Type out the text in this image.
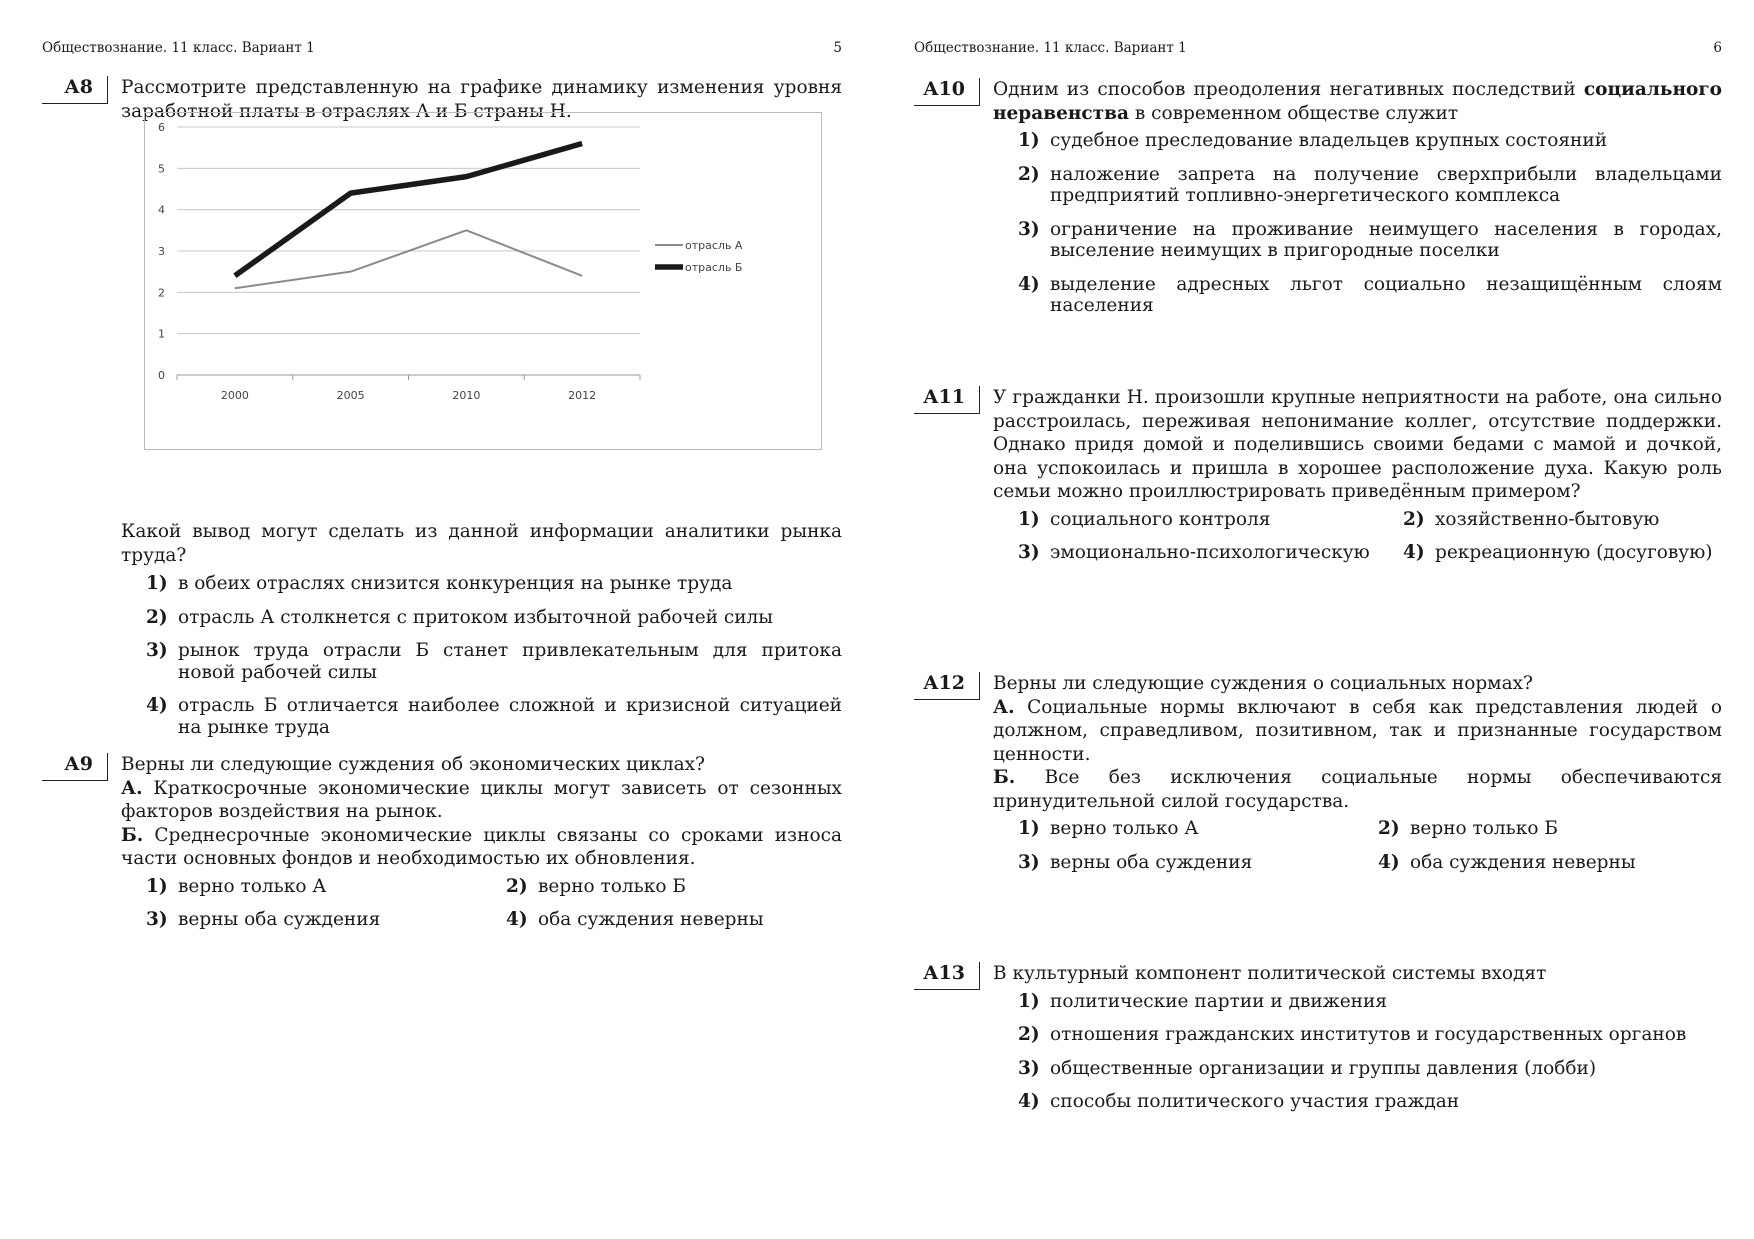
Обществознание. 11 класс. Вариант 1	5
А8	Рассмотрите представленную на графике динамику изменения уровня заработной платы в отраслях А и Б страны Н.

0
1
2
3
4
5
6
2000	2005	2010	2012
отрасль А
отрасль Б

Какой вывод могут сделать из данной информации аналитики рынка труда?

1) в обеих отраслях снизится конкуренция на рынке труда
2) отрасль А столкнется с притоком избыточной рабочей силы
3) рынок труда отрасли Б станет привлекательным для притока новой рабочей силы
4) отрасль Б отличается наиболее сложной и кризисной ситуацией на рынке труда
А9	Верны ли следующие суждения об экономических циклах?

А. Краткосрочные экономические циклы могут зависеть от сезонных факторов воздействия на рынок.

Б. Среднесрочные экономические циклы связаны со сроками износа части основных фондов и необходимостью их обновления.

1) верно только А	2) верно только Б
3) верны оба суждения	4) оба суждения неверны
Обществознание. 11 класс. Вариант 1	6
А10	Одним из способов преодоления негативных последствий социального неравенства в современном обществе служит

1) судебное преследование владельцев крупных состояний
2) наложение запрета на получение сверхприбыли владельцами предприятий топливно-энергетического комплекса
3) ограничение на проживание неимущего населения в городах, выселение неимущих в пригородные поселки
4) выделение адресных льгот социально незащищённым слоям населения
А11	У гражданки Н. произошли крупные неприятности на работе, она сильно расстроилась, переживая непонимание коллег, отсутствие поддержки. Однако придя домой и поделившись своими бедами с мамой и дочкой, она успокоилась и пришла в хорошее расположение духа. Какую роль семьи можно проиллюстрировать приведённым примером?

1) социального контроля	2) хозяйственно-бытовую
3) эмоционально-психологическую	4) рекреационную (досуговую)
А12	Верны ли следующие суждения о социальных нормах?

А. Социальные нормы включают в себя как представления людей о должном, справедливом, позитивном, так и признанные государством ценности.

Б. Все без исключения социальные нормы обеспечиваются принудительной силой государства.

1) верно только А	2) верно только Б
3) верны оба суждения	4) оба суждения неверны
А13	В культурный компонент политической системы входят

1) политические партии и движения
2) отношения гражданских институтов и государственных органов
3) общественные организации и группы давления (лобби)
4) способы политического участия граждан
